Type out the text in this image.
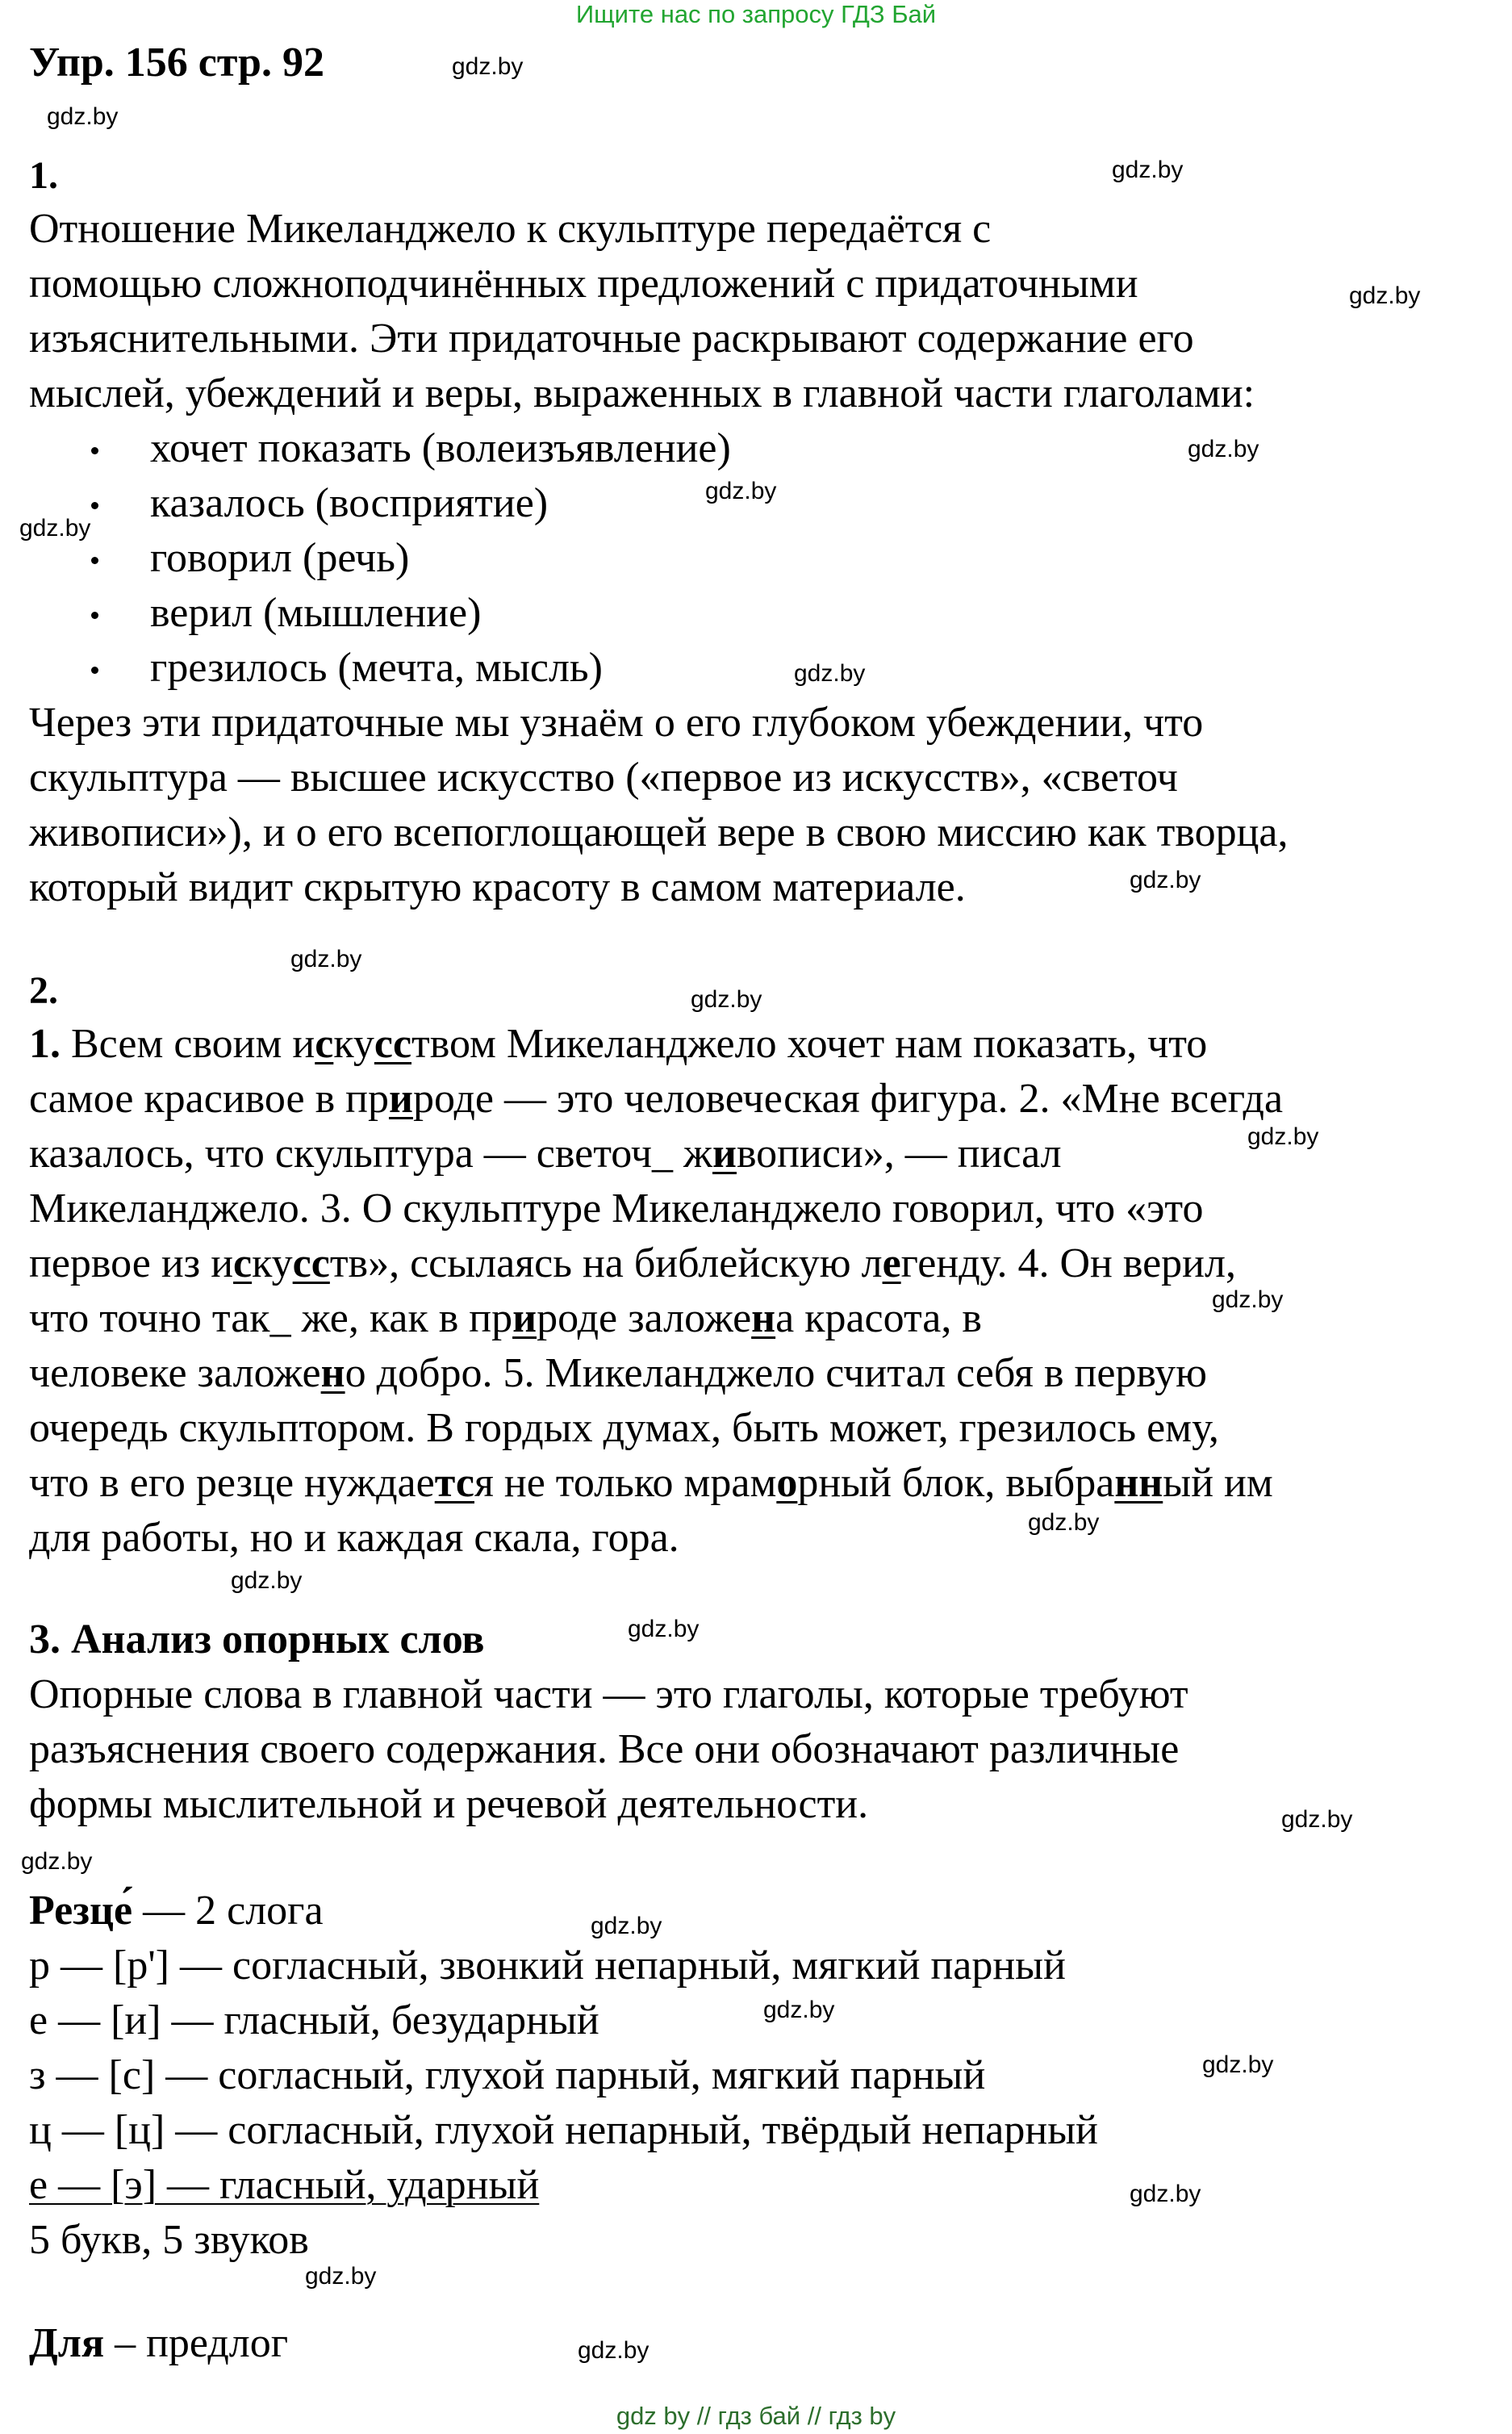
Ищите нас по запросу ГДЗ Бай
Упр. 156 стр. 92
1.
Отношение Микеланджело к скульптуре передаётся с
помощью сложноподчинённых предложений с придаточными
изъяснительными. Эти придаточные раскрывают содержание его
мыслей, убеждений и веры, выраженных в главной части глаголами:
хочет показать (волеизъявление)
казалось (восприятие)
говорил (речь)
верил (мышление)
грезилось (мечта, мысль)
Через эти придаточные мы узнаём о его глубоком убеждении, что
скульптура — высшее искусство («первое из искусств», «светоч
живописи»), и о его всепоглощающей вере в свою миссию как творца,
который видит скрытую красоту в самом материале.
2.
1. Всем своим искусством Микеланджело хочет нам показать, что
самое красивое в природе — это человеческая фигура. 2. «Мне всегда
казалось, что скульптура — светоч_ живописи», — писал
Микеланджело. 3. О скульптуре Микеланджело говорил, что «это
первое из искусств», ссылаясь на библейскую легенду. 4. Он верил,
что точно так_ же, как в природе заложена красота, в
человеке заложено добро. 5. Микеланджело считал себя в первую
очередь скульптором. В гордых думах, быть может, грезилось ему,
что в его резце нуждается не только мраморный блок, выбранный им
для работы, но и каждая скала, гора.
3. Анализ опорных слов
Опорные слова в главной части — это глаголы, которые требуют
разъяснения своего содержания. Все они обозначают различные
формы мыслительной и речевой деятельности.
Резце́ — 2 слога
р — [р'] — согласный, звонкий непарный, мягкий парный
е — [и] — гласный, безударный
з — [с] — согласный, глухой парный, мягкий парный
ц — [ц] — согласный, глухой непарный, твёрдый непарный
е — [э] — гласный, ударный
5 букв, 5 звуков
Для – предлог
gdz.by
gdz.by
gdz.by
gdz.by
gdz.by
gdz.by
gdz.by
gdz.by
gdz.by
gdz.by
gdz.by
gdz.by
gdz.by
gdz.by
gdz.by
gdz.by
gdz.by
gdz.by
gdz.by
gdz.by
gdz.by
gdz.by
gdz.by
gdz.by
gdz by // гдз бай // гдз by
